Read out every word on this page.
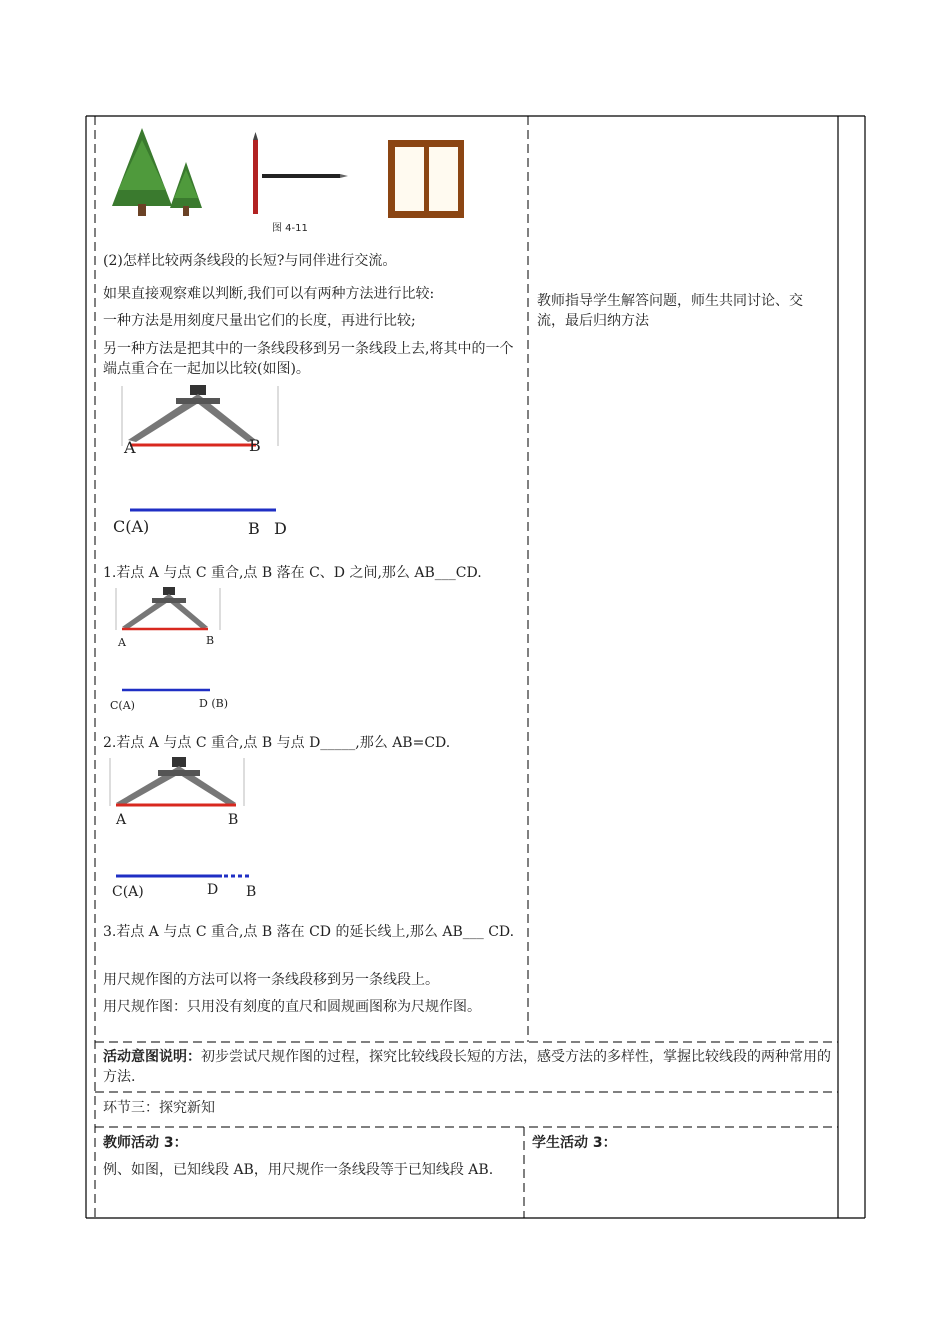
图 4-11
(2)怎样比较两条线段的长短?与同伴进行交流。
如果直接观察难以判断,我们可以有两种方法进行比较:
一种方法是用刻度尺量出它们的长度，再进行比较;
另一种方法是把其中的一条线段移到另一条线段上去,将其中的一个端点重合在一起加以比较(如图)。
A	B
C(A)	B D
1.若点 A 与点 C 重合,点 B 落在 C、D 之间,那么 AB___CD.
A	B
C(A)	D (B)
2.若点 A 与点 C 重合,点 B 与点 D_____,那么 AB=CD.
A	B
C(A)	D B
3.若点 A 与点 C 重合,点 B 落在 CD 的延长线上,那么 AB___ CD.
用尺规作图的方法可以将一条线段移到另一条线段上。
用尺规作图：只用没有刻度的直尺和圆规画图称为尺规作图。
教师指导学生解答问题，师生共同讨论、交流，最后归纳方法
活动意图说明：初步尝试尺规作图的过程，探究比较线段长短的方法，感受方法的多样性，掌握比较线段的两种常用的方法.
环节三：探究新知
教师活动 3：
例、如图，已知线段 AB，用尺规作一条线段等于已知线段 AB.
学生活动 3：
